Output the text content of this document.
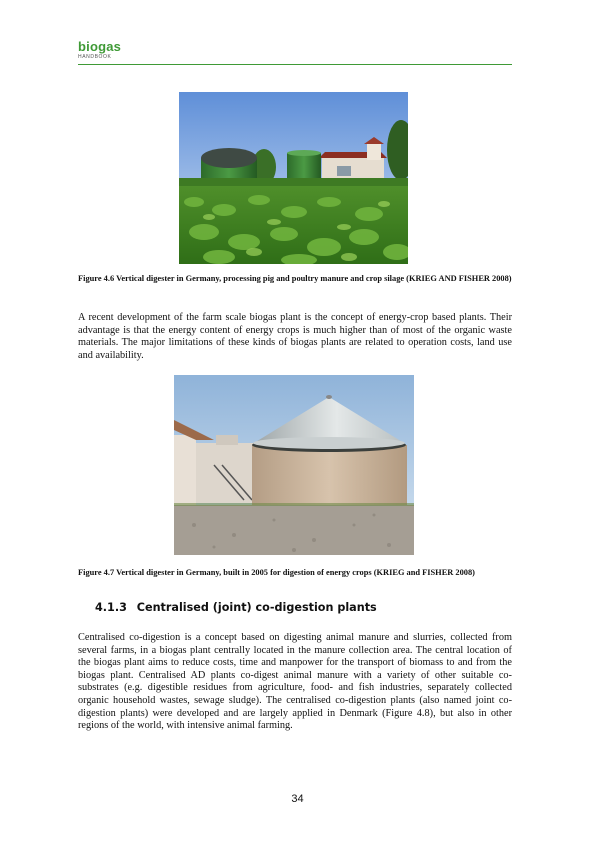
biogas
HANDBOOK
Figure 4.6 Vertical digester in Germany, processing pig and poultry manure and crop silage (KRIEG AND FISHER 2008)

A recent development of the farm scale biogas plant is the concept of energy-crop based plants. Their advantage is that the energy content of energy crops is much higher than of most of the organic waste materials. The major limitations of these kinds of biogas plants are related to operation costs, land use and availability.

Figure 4.7 Vertical digester in Germany, built in 2005 for digestion of energy crops (KRIEG and FISHER 2008)
4.1.3 Centralised (joint) co-digestion plants

Centralised co-digestion is a concept based on digesting animal manure and slurries, collected from several farms, in a biogas plant centrally located in the manure collection area. The central location of the biogas plant aims to reduce costs, time and manpower for the transport of biomass to and from the biogas plant. Centralised AD plants co-digest animal manure with a variety of other suitable co-substrates (e.g. digestible residues from agriculture, food- and fish industries, separately collected organic household wastes, sewage sludge). The centralised co-digestion plants (also named joint co-digestion plants) were developed and are largely applied in Denmark (Figure 4.8), but also in other regions of the world, with intensive animal farming.

34
